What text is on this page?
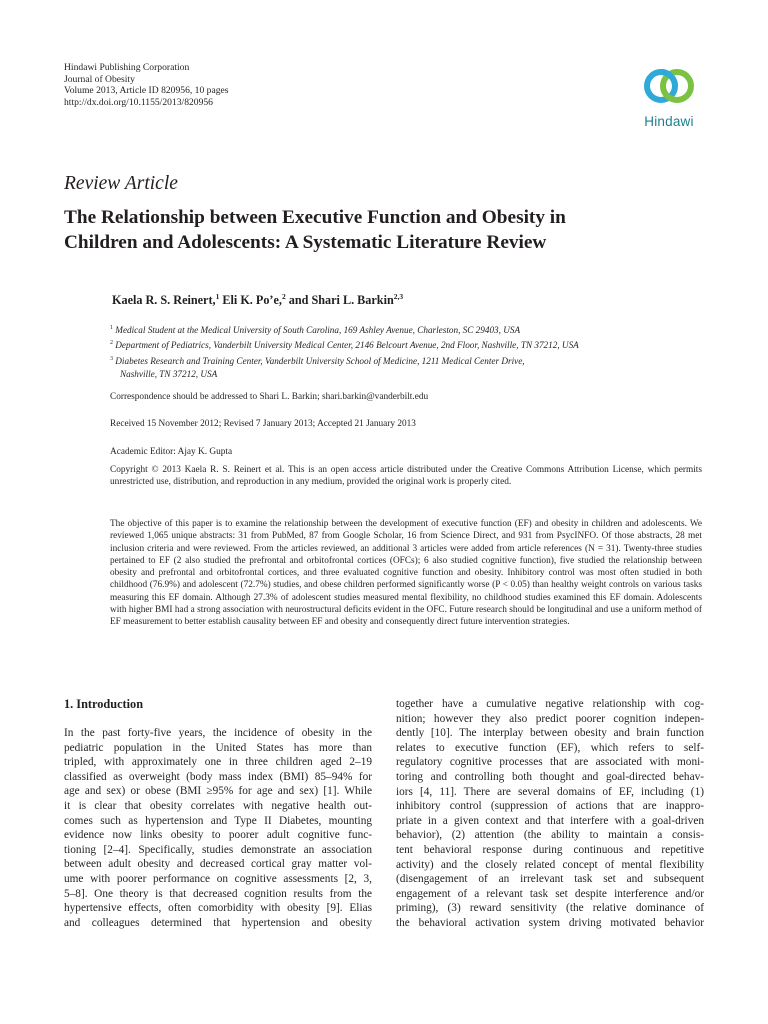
Hindawi Publishing Corporation
Journal of Obesity
Volume 2013, Article ID 820956, 10 pages
http://dx.doi.org/10.1155/2013/820956
Hindawi
Review Article
The Relationship between Executive Function and Obesity in
Children and Adolescents: A Systematic Literature Review
Kaela R. S. Reinert,$^1$ Eli K. Po’e,$^2$ and Shari L. Barkin$^{2,3}$
$^1$ Medical Student at the Medical University of South Carolina, 169 Ashley Avenue, Charleston, SC 29403, USA
$^2$ Department of Pediatrics, Vanderbilt University Medical Center, 2146 Belcourt Avenue, 2nd Floor, Nashville, TN 37212, USA
$^3$ Diabetes Research and Training Center, Vanderbilt University School of Medicine, 1211 Medical Center Drive,
Nashville, TN 37212, USA
Correspondence should be addressed to Shari L. Barkin; shari.barkin@vanderbilt.edu
Received 15 November 2012; Revised 7 January 2013; Accepted 21 January 2013
Academic Editor: Ajay K. Gupta
Copyright © 2013 Kaela R. S. Reinert et al. This is an open access article distributed under the Creative Commons Attribution License, which permits unrestricted use, distribution, and reproduction in any medium, provided the original work is properly cited.
The objective of this paper is to examine the relationship between the development of executive function (EF) and obesity in children and adolescents. We reviewed 1,065 unique abstracts: 31 from PubMed, 87 from Google Scholar, 16 from Science Direct, and 931 from PsycINFO. Of those abstracts, 28 met inclusion criteria and were reviewed. From the articles reviewed, an additional 3 articles were added from article references (N = 31). Twenty-three studies pertained to EF (2 also studied the prefrontal and orbitofrontal cortices (OFCs); 6 also studied cognitive function), five studied the relationship between obesity and prefrontal and orbitofrontal cortices, and three evaluated cognitive function and obesity. Inhibitory control was most often studied in both childhood (76.9%) and adolescent (72.7%) studies, and obese children performed significantly worse (P < 0.05) than healthy weight controls on various tasks measuring this EF domain. Although 27.3% of adolescent studies measured mental flexibility, no childhood studies examined this EF domain. Adolescents with higher BMI had a strong association with neurostructural deficits evident in the OFC. Future research should be longitudinal and use a uniform method of EF measurement to better establish causality between EF and obesity and consequently direct future intervention strategies.
1. Introduction
In the past forty-five years, the incidence of obesity in the
pediatric population in the United States has more than
tripled, with approximately one in three children aged 2–19
classified as overweight (body mass index (BMI) 85–94% for
age and sex) or obese (BMI ≥95% for age and sex) [1]. While
it is clear that obesity correlates with negative health out-
comes such as hypertension and Type II Diabetes, mounting
evidence now links obesity to poorer adult cognitive func-
tioning [2–4]. Specifically, studies demonstrate an association
between adult obesity and decreased cortical gray matter vol-
ume with poorer performance on cognitive assessments [2, 3,
5–8]. One theory is that decreased cognition results from the
hypertensive effects, often comorbidity with obesity [9]. Elias
and colleagues determined that hypertension and obesity
together have a cumulative negative relationship with cog-
nition; however they also predict poorer cognition indepen-
dently [10]. The interplay between obesity and brain function
relates to executive function (EF), which refers to self-
regulatory cognitive processes that are associated with moni-
toring and controlling both thought and goal-directed behav-
iors [4, 11]. There are several domains of EF, including (1)
inhibitory control (suppression of actions that are inappro-
priate in a given context and that interfere with a goal-driven
behavior), (2) attention (the ability to maintain a consis-
tent behavioral response during continuous and repetitive
activity) and the closely related concept of mental flexibility
(disengagement of an irrelevant task set and subsequent
engagement of a relevant task set despite interference and/or
priming), (3) reward sensitivity (the relative dominance of
the behavioral activation system driving motivated behavior
